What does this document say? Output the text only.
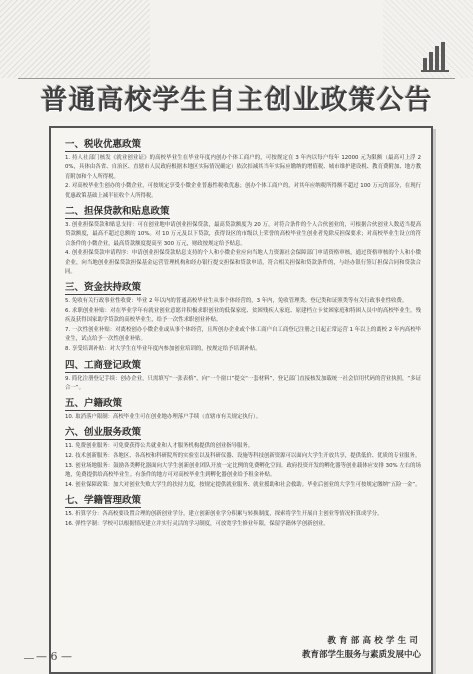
普通高校学生自主创业政策公告
一、税收优惠政策
1. 持人社部门核发《就业创业证》的高校毕业生在毕业年度内创办个体工商户的，可按规定在 3 年内以每户每年 12000 元为限额（最高可上浮 20%，具体由各省、自治区、直辖市人民政府根据本地区实际情况确定）依次扣减其当年实际应缴纳的增值税、城市维护建设税、教育费附加、地方教育附加和个人所得税。
2. 对高校毕业生创办的小微企业，可按规定享受小微企业普惠性税收优惠；创办个体工商户的，对其年应纳税所得额不超过 100 万元的部分，在现行优惠政策基础上减半征收个人所得税。
二、担保贷款和贴息政策
3. 创业担保贷款和贴息支持：可在创业地申请创业担保贷款，最高贷款额度为 20 万，对符合条件的个人合伙创业的，可根据合伙创业人数适当提高贷款额度，最高不超过总额的 10%。对 10 万元及以下贷款，获得设区的市级以上荣誉的高校毕业生创业者免除反担保要求；对高校毕业生设立的符合条件的小微企业，最高贷款额度提高至 300 万元，财政按规定给予贴息。
4. 创业担保贷款申请程序：申请创业担保贷款贴息支持的个人和小微企业应向当地人力资源社会保障部门申请资格审核，通过资格审核的个人和小微企业，向当地创业担保贷款担保基金运营管理机构和经办银行提交担保和贷款申请，符合相关担保和贷款条件的，与经办银行签订担保合同和贷款合同。
三、资金扶持政策
5. 免收有关行政事业性收费：毕业 2 年以内的普通高校毕业生从事个体经营的，3 年内，免收管理类、登记类和证照类等有关行政事业性收费。
6. 求职创业补贴：对在毕业学年有就业创业意愿并积极求职创业的低保家庭、贫困残疾人家庭、原建档立卡贫困家庭和特困人员中的高校毕业生，残疾及获得国家助学贷款的高校毕业生，给予一次性求职创业补贴。
7. 一次性创业补贴：对离校创办小微企业或从事个体经营，且所创办企业或个体工商户自工商登记注册之日起正常运营 1 年以上的离校 2 年内高校毕业生，试点给予一次性创业补贴。
8. 享受培训补贴：对大学生在毕业年度内参加创业培训的，按规定给予培训补贴。
四、工商登记政策
9. 简化注册登记手续：创办企业，只需填写“一张表格”，向“一个窗口”提交“一套材料”，登记部门直接核发加载统一社会信用代码的营业执照，“多证合一”。
五、户籍政策
10. 取消落户限制：高校毕业生可在创业地办理落户手续（直辖市有关规定执行）。
六、创业服务政策
11. 免费创业服务：可免费获得公共就业和人才服务机构提供的创业指导服务。
12. 技术创新服务：各地区、各高校和科研院所的实验室以及科研仪器、设施等科技创新资源可以面向大学生开放共享，提供低价、优质的专业服务。
13. 创业场地服务：鼓励各类孵化器面向大学生创新创业团队开放一定比例的免费孵化空间。政府投资开发的孵化器等创业载体应安排 30% 左右的场地，免费提供给高校毕业生。有条件的地方可对高校毕业生到孵化器创业给予租金补贴。
14. 创业保障政策：加大对创业失败大学生的扶持力度，按规定提供就业服务、就业援助和社会救助。毕业后创业的大学生可按规定缴纳“五险一金”。
七、学籍管理政策
15. 折算学分：各高校要设置合理的创新创业学分，建立创新创业学分积累与转换制度，探索将学生开展自主创业等情况折算成学分。
16. 弹性学制：学校可以根据情况建立并实行灵活的学习制度，可放宽学生修业年限，保留学籍休学创新创业。
教育部高校学生司
教育部学生服务与素质发展中心
— 6 —
